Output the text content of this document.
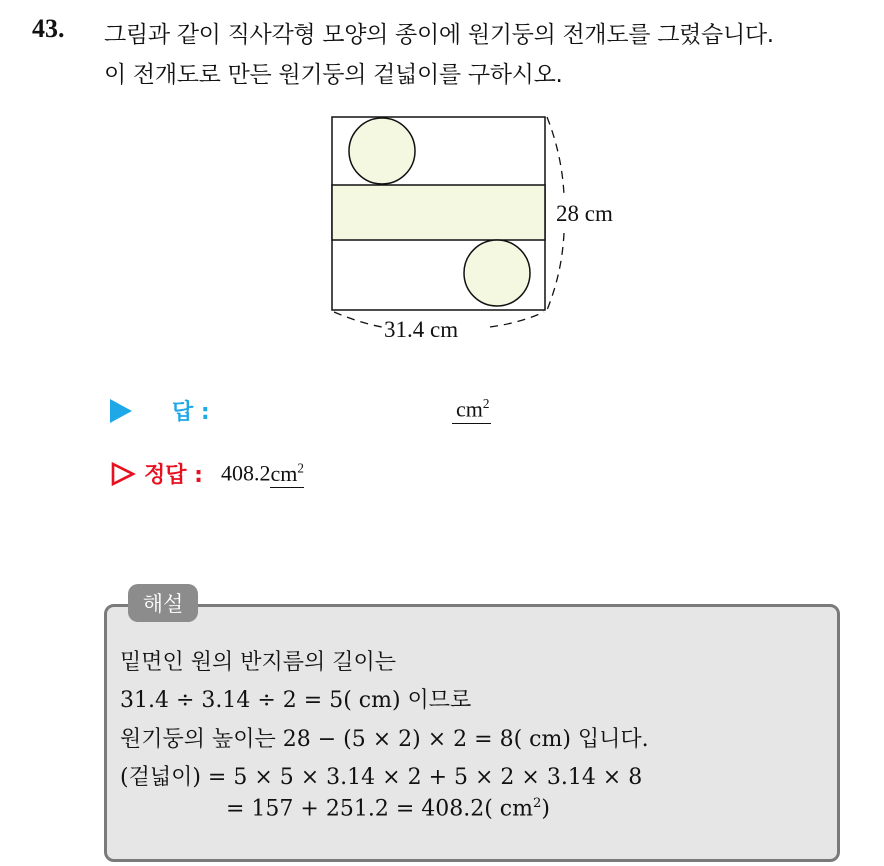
43. 그림과 같이 직사각형 모양의 종이에 원기둥의 전개도를 그렸습니다.
이 전개도로 만든 원기둥의 겉넓이를 구하시오.
28 cm
31.4 cm
답 :	$cm^2$
정답 : $408.2cm^2$
해설
밑면인 원의 반지름의 길이는
31.4 ÷ 3.14 ÷ 2 = 5( cm) 이므로
원기둥의 높이는 28 − (5 × 2) × 2 = 8( cm) 입니다.
(겉넓이) = 5 × 5 × 3.14 × 2 + 5 × 2 × 3.14 × 8
= 157 + 251.2 = 408.2( $cm^2$)
